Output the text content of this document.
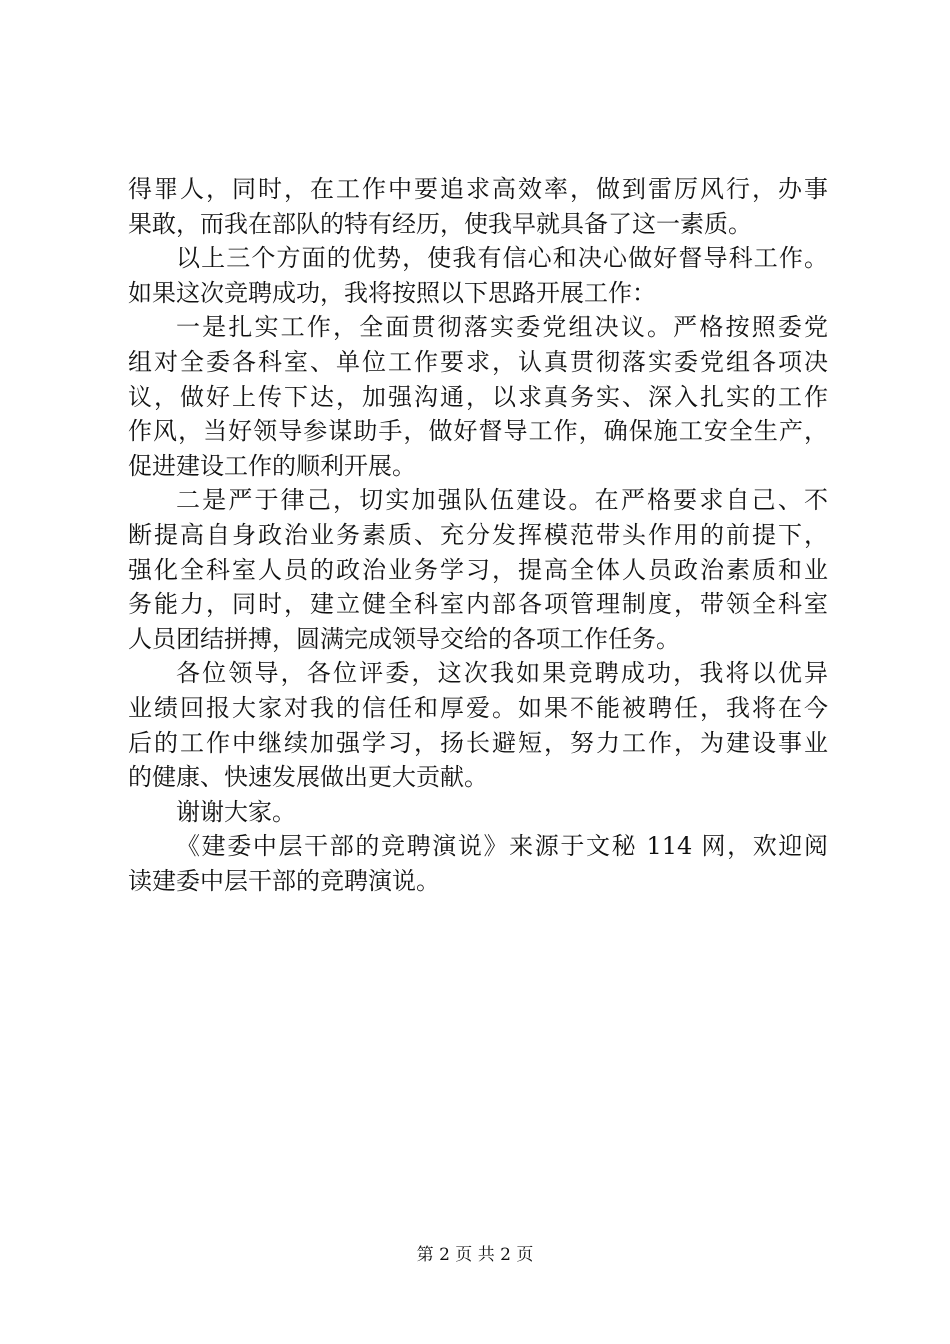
得罪人，同时，在工作中要追求高效率，做到雷厉风行，办事
果敢，而我在部队的特有经历，使我早就具备了这一素质。
以上三个方面的优势，使我有信心和决心做好督导科工作。
如果这次竞聘成功，我将按照以下思路开展工作：
一是扎实工作，全面贯彻落实委党组决议。严格按照委党
组对全委各科室、单位工作要求，认真贯彻落实委党组各项决
议，做好上传下达，加强沟通，以求真务实、深入扎实的工作
作风，当好领导参谋助手，做好督导工作，确保施工安全生产，
促进建设工作的顺利开展。
二是严于律己，切实加强队伍建设。在严格要求自己、不
断提高自身政治业务素质、充分发挥模范带头作用的前提下，
强化全科室人员的政治业务学习，提高全体人员政治素质和业
务能力，同时，建立健全科室内部各项管理制度，带领全科室
人员团结拼搏，圆满完成领导交给的各项工作任务。
各位领导，各位评委，这次我如果竞聘成功，我将以优异
业绩回报大家对我的信任和厚爱。如果不能被聘任，我将在今
后的工作中继续加强学习，扬长避短，努力工作，为建设事业
的健康、快速发展做出更大贡献。
谢谢大家。
《建委中层干部的竞聘演说》来源于文秘 114 网，欢迎阅
读建委中层干部的竞聘演说。
第 2 页 共 2 页
